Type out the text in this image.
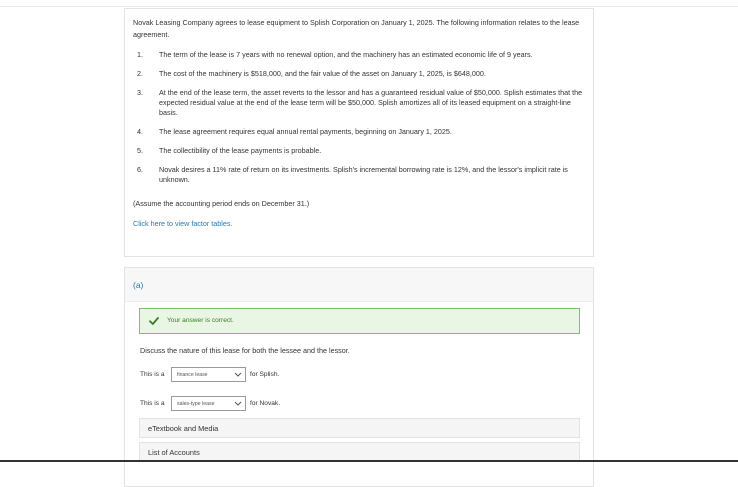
Novak Leasing Company agrees to lease equipment to Splish Corporation on January 1, 2025. The following information relates to the lease agreement.

1. The term of the lease is 7 years with no renewal option, and the machinery has an estimated economic life of 9 years.
2. The cost of the machinery is $518,000, and the fair value of the asset on January 1, 2025, is $648,000.
3. At the end of the lease term, the asset reverts to the lessor and has a guaranteed residual value of $50,000. Splish estimates that the expected residual value at the end of the lease term will be $50,000. Splish amortizes all of its leased equipment on a straight-line basis.
4. The lease agreement requires equal annual rental payments, beginning on January 1, 2025.
5. The collectibility of the lease payments is probable.
6. Novak desires a 11% rate of return on its investments. Splish's incremental borrowing rate is 12%, and the lessor's implicit rate is unknown.

(Assume the accounting period ends on December 31.)

Click here to view factor tables.
(a)
Your answer is correct.
Discuss the nature of this lease for both the lessee and the lessor.
This is a finance lease	for Splish.
This is a sales-type lease	for Novak.
eTextbook and Media
List of Accounts
